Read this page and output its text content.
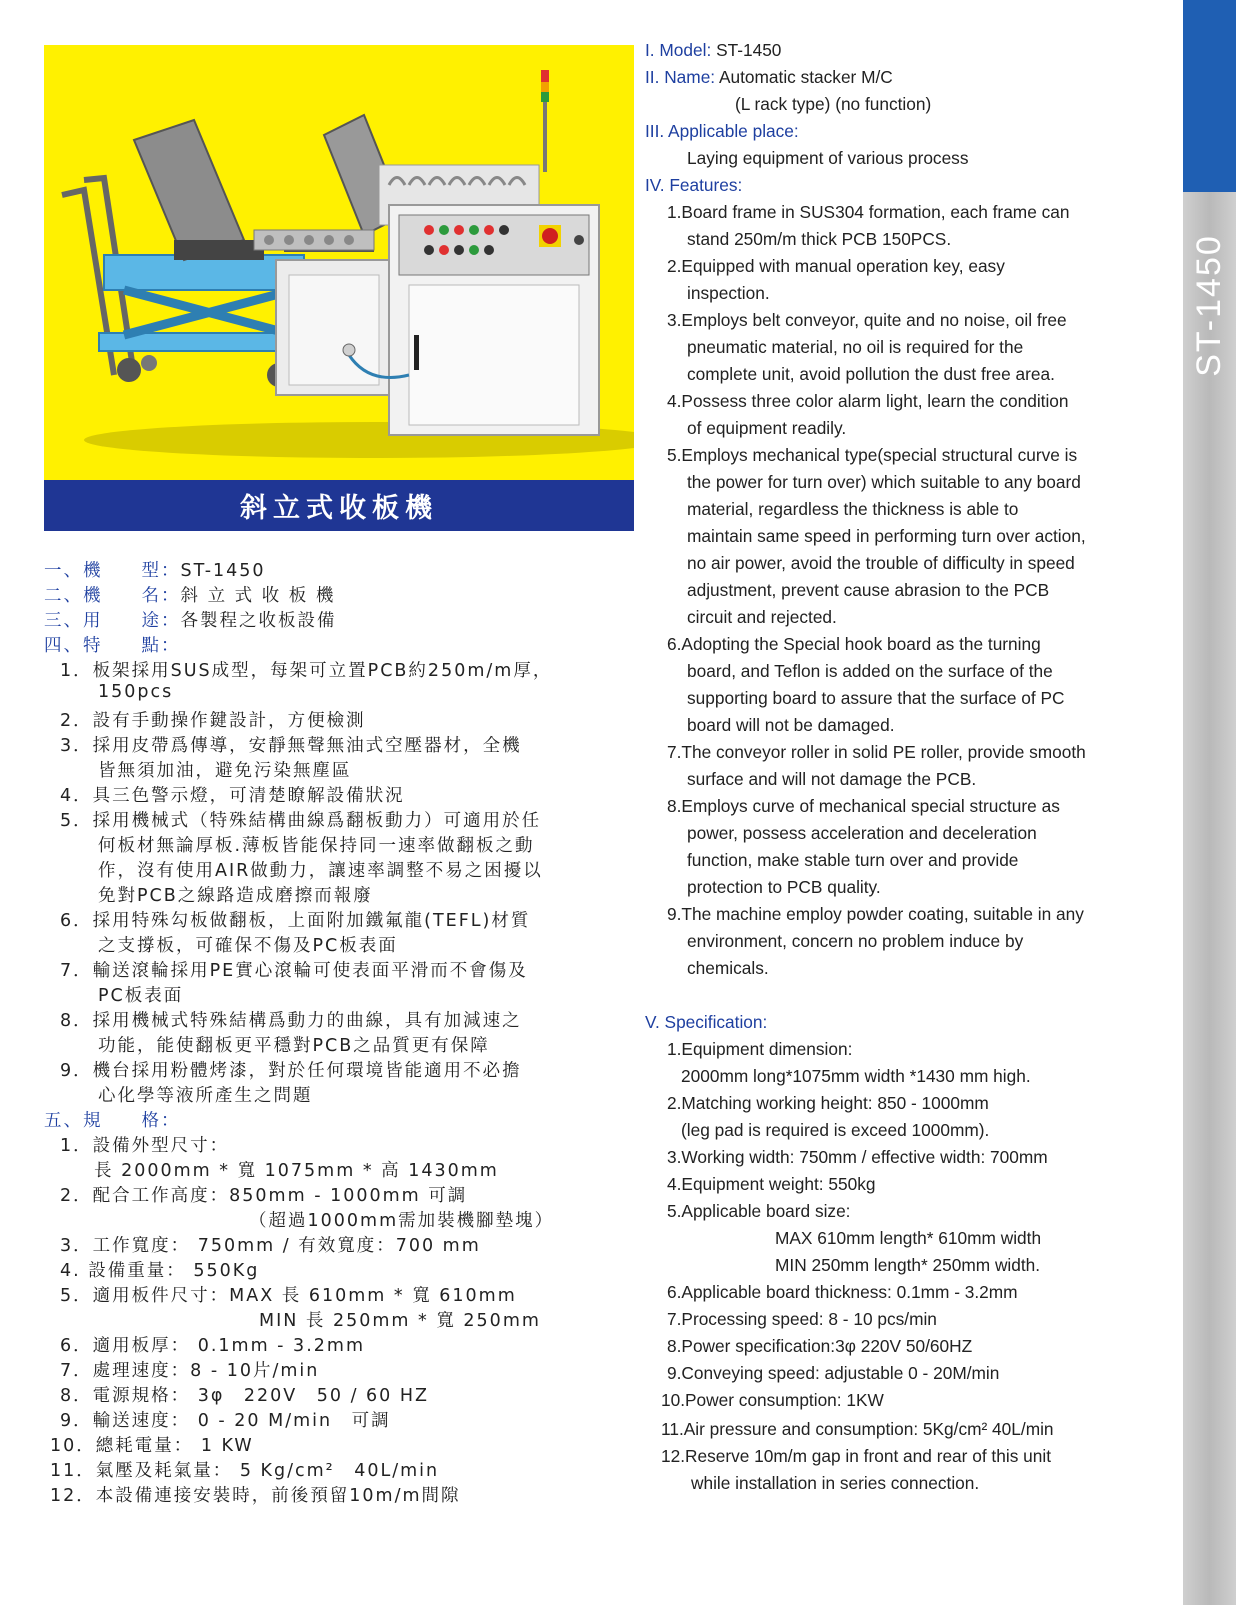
ST-1450
斜立式收板機
一、機　　型：ST-1450
二、機　　名：斜 立 式 收 板 機
三、用　　途：各製程之收板設備
四、特　　點：
1．板架採用SUS成型，每架可立置PCB約250m/m厚，
150pcs
2．設有手動操作鍵設計，方便檢測
3．採用皮帶爲傳導，安靜無聲無油式空壓器材，全機
皆無須加油，避免污染無塵區
4．具三色警示燈，可清楚瞭解設備狀況
5．採用機械式（特殊結構曲線爲翻板動力）可適用於任
何板材無論厚板.薄板皆能保持同一速率做翻板之動
作，沒有使用AIR做動力，讓速率調整不易之困擾以
免對PCB之線路造成磨擦而報廢
6．採用特殊勾板做翻板，上面附加鐵氟龍(TEFL)材質
之支撐板，可確保不傷及PC板表面
7．輸送滾輪採用PE實心滾輪可使表面平滑而不會傷及
PC板表面
8．採用機械式特殊結構爲動力的曲線，具有加減速之
功能，能使翻板更平穩對PCB之品質更有保障
9．機台採用粉體烤漆，對於任何環境皆能適用不必擔
心化學等液所產生之問題
五、規　　格：
1．設備外型尺寸：
長 2000mm * 寬 1075mm * 高 1430mm
2．配合工作高度：850mm - 1000mm 可調
（超過1000mm需加裝機腳墊塊）
3．工作寬度： 750mm / 有效寬度：700 mm
4. 設備重量： 550Kg
5．適用板件尺寸：MAX 長 610mm * 寬 610mm
MIN 長 250mm * 寬 250mm
6．適用板厚： 0.1mm - 3.2mm
7．處理速度：8 - 10片/min
8．電源規格： 3φ　220V　50 / 60 HZ
9．輸送速度： 0 - 20 M/min　可調
10．總耗電量： 1 KW
11．氣壓及耗氣量： 5 Kg/cm²　40L/min
12．本設備連接安裝時，前後預留10m/m間隙
I. Model: ST-1450
II. Name: Automatic stacker M/C
(L rack type) (no function)
III. Applicable place:
Laying equipment of various process
IV. Features:
1.Board frame in SUS304 formation, each frame can
stand 250m/m thick PCB 150PCS.
2.Equipped with manual operation key, easy
inspection.
3.Employs belt conveyor, quite and no noise, oil free
pneumatic material, no oil is required for the
complete unit, avoid pollution the dust free area.
4.Possess three color alarm light, learn the condition
of equipment readily.
5.Employs mechanical type(special structural curve is
the power for turn over) which suitable to any board
material, regardless the thickness is able to
maintain same speed in performing turn over action,
no air power, avoid the trouble of difficulty in speed
adjustment, prevent cause abrasion to the PCB
circuit and rejected.
6.Adopting the Special hook board as the turning
board, and Teflon is added on the surface of the
supporting board to assure that the surface of PC
board will not be damaged.
7.The conveyor roller in solid PE roller, provide smooth
surface and will not damage the PCB.
8.Employs curve of mechanical special structure as
power, possess acceleration and deceleration
function, make stable turn over and provide
protection to PCB quality.
9.The machine employ powder coating, suitable in any
environment, concern no problem induce by
chemicals.
V. Specification:
1.Equipment dimension:
2000mm long*1075mm width *1430 mm high.
2.Matching working height: 850 - 1000mm
(leg pad is required is exceed 1000mm).
3.Working width: 750mm / effective width: 700mm
4.Equipment weight: 550kg
5.Applicable board size:
MAX 610mm length* 610mm width
MIN 250mm length* 250mm width.
6.Applicable board thickness: 0.1mm - 3.2mm
7.Processing speed: 8 - 10 pcs/min
8.Power specification:3φ 220V 50/60HZ
9.Conveying speed: adjustable 0 - 20M/min
10.Power consumption: 1KW
11.Air pressure and consumption: 5Kg/cm² 40L/min
12.Reserve 10m/m gap in front and rear of this unit
while installation in series connection.
